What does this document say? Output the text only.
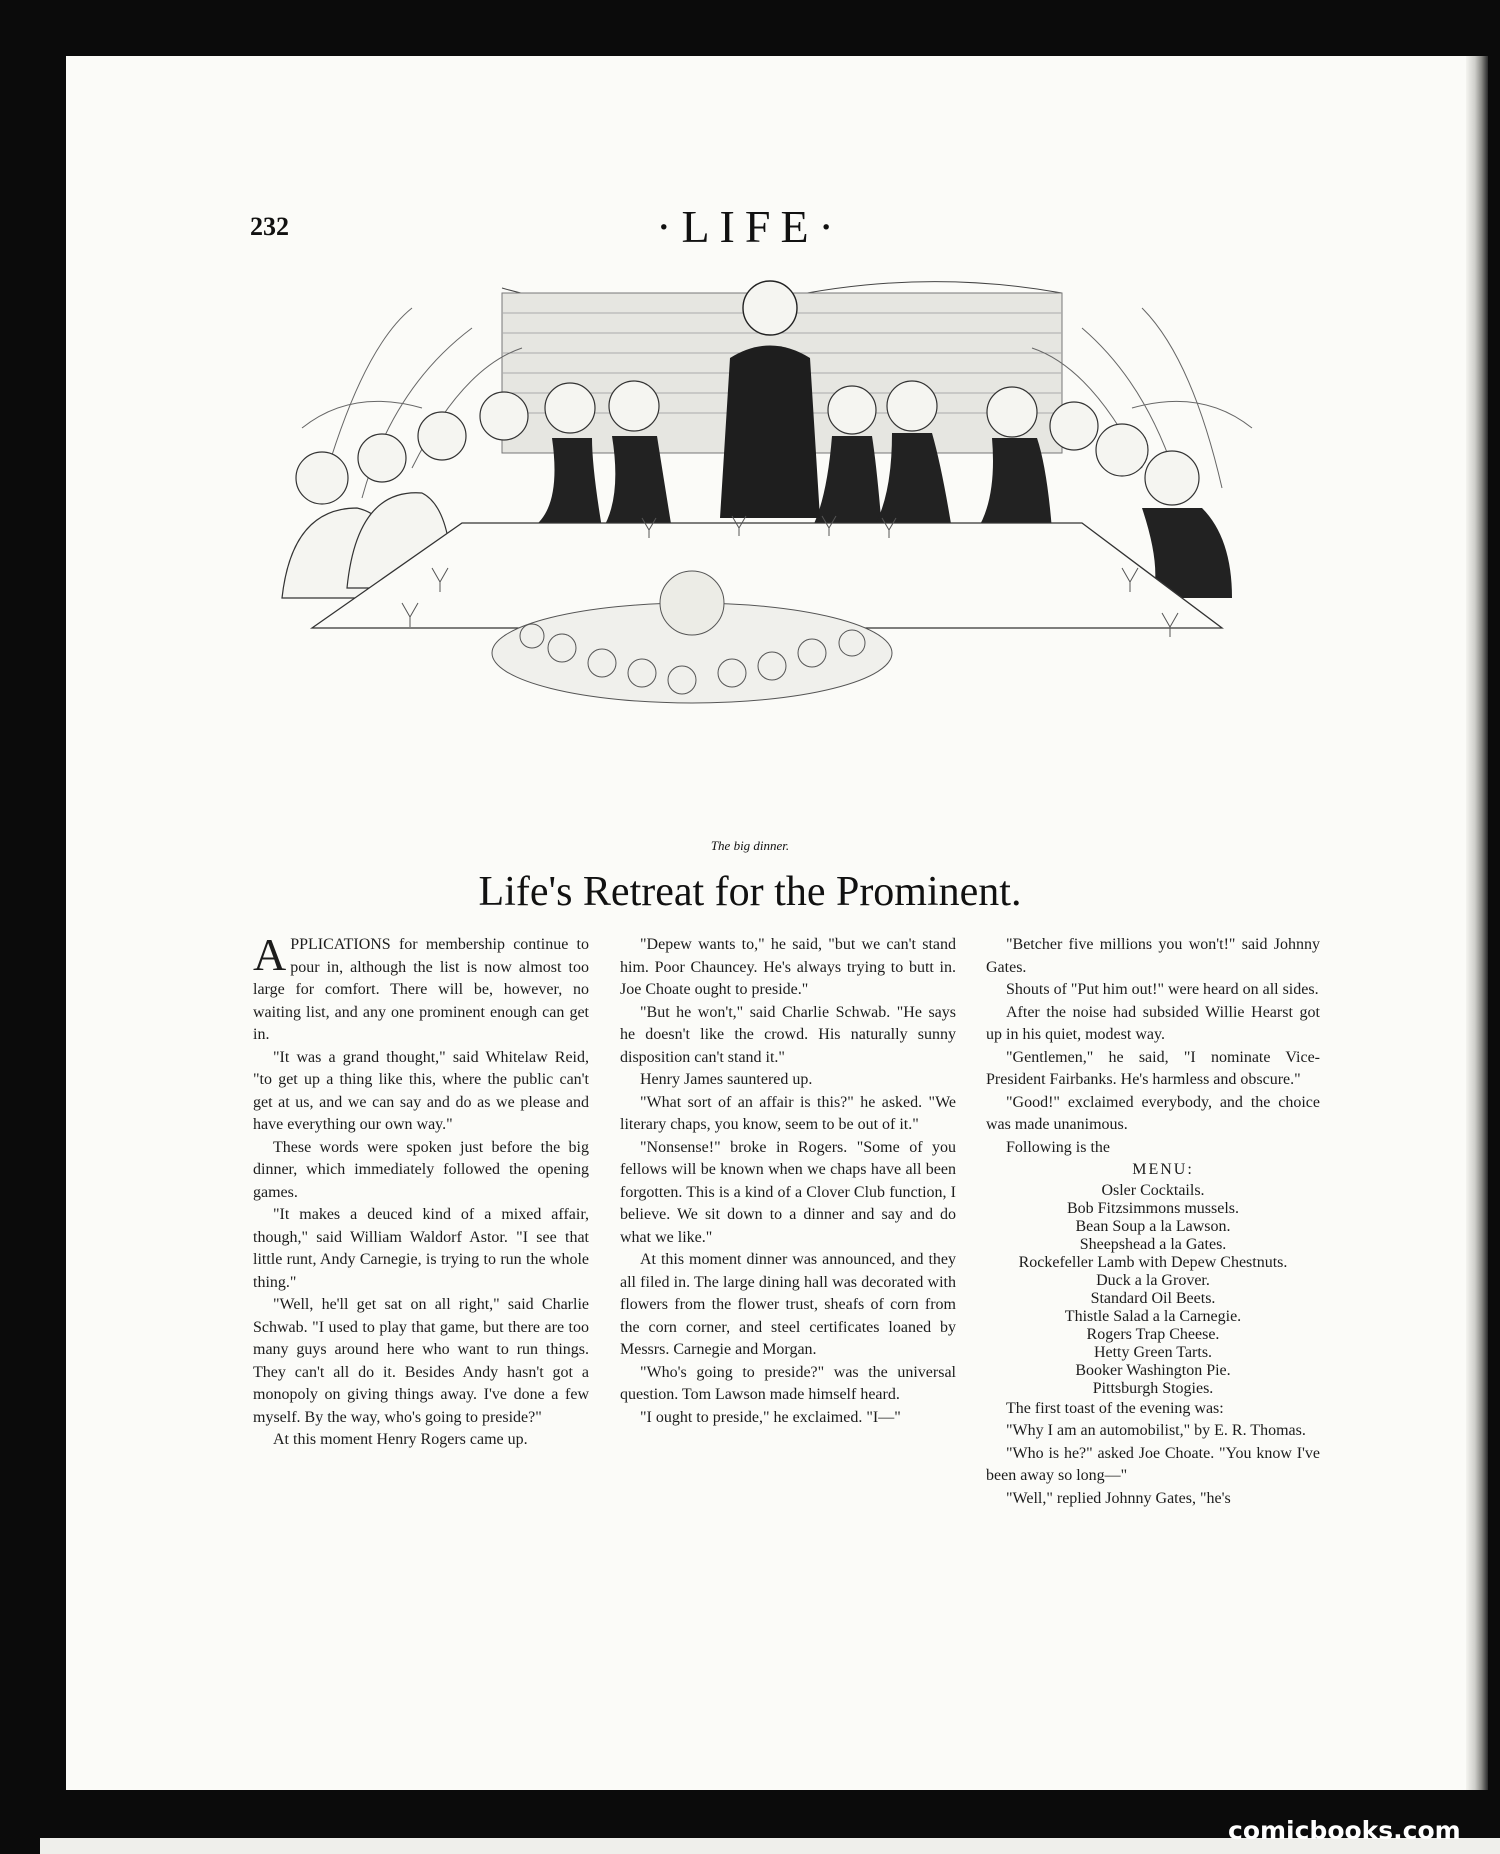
232	·LIFE·
The big dinner.
Life's Retreat for the Prominent.

APPLICATIONS for membership continue to pour in, although the list is now almost too large for comfort. There will be, however, no waiting list, and any one prominent enough can get in.

"It was a grand thought," said Whitelaw Reid, "to get up a thing like this, where the public can't get at us, and we can say and do as we please and have everything our own way."

These words were spoken just before the big dinner, which immediately followed the opening games.

"It makes a deuced kind of a mixed affair, though," said William Waldorf Astor. "I see that little runt, Andy Carnegie, is trying to run the whole thing."

"Well, he'll get sat on all right," said Charlie Schwab. "I used to play that game, but there are too many guys around here who want to run things. They can't all do it. Besides Andy hasn't got a monopoly on giving things away. I've done a few myself. By the way, who's going to preside?"

At this moment Henry Rogers came up.

"Depew wants to," he said, "but we can't stand him. Poor Chauncey. He's always trying to butt in. Joe Choate ought to preside."

"But he won't," said Charlie Schwab. "He says he doesn't like the crowd. His naturally sunny disposition can't stand it."

Henry James sauntered up.

"What sort of an affair is this?" he asked. "We literary chaps, you know, seem to be out of it."

"Nonsense!" broke in Rogers. "Some of you fellows will be known when we chaps have all been forgotten. This is a kind of a Clover Club function, I believe. We sit down to a dinner and say and do what we like."

At this moment dinner was announced, and they all filed in. The large dining hall was decorated with flowers from the flower trust, sheafs of corn from the corn corner, and steel certificates loaned by Messrs. Carnegie and Morgan.

"Who's going to preside?" was the universal question. Tom Lawson made himself heard.

"I ought to preside," he exclaimed. "I—"

"Betcher five millions you won't!" said Johnny Gates.

Shouts of "Put him out!" were heard on all sides.

After the noise had subsided Willie Hearst got up in his quiet, modest way.

"Gentlemen," he said, "I nominate Vice-President Fairbanks. He's harmless and obscure."

"Good!" exclaimed everybody, and the choice was made unanimous.

Following is the

MENU:

Osler Cocktails.
Bob Fitzsimmons mussels.
Bean Soup a la Lawson.
Sheepshead a la Gates.
Rockefeller Lamb with Depew Chestnuts.
Duck a la Grover.
Standard Oil Beets.
Thistle Salad a la Carnegie.
Rogers Trap Cheese.
Hetty Green Tarts.
Booker Washington Pie.
Pittsburgh Stogies.

The first toast of the evening was:

"Why I am an automobilist," by E. R. Thomas.

"Who is he?" asked Joe Choate. "You know I've been away so long—"

"Well," replied Johnny Gates, "he's

comicbooks.com
